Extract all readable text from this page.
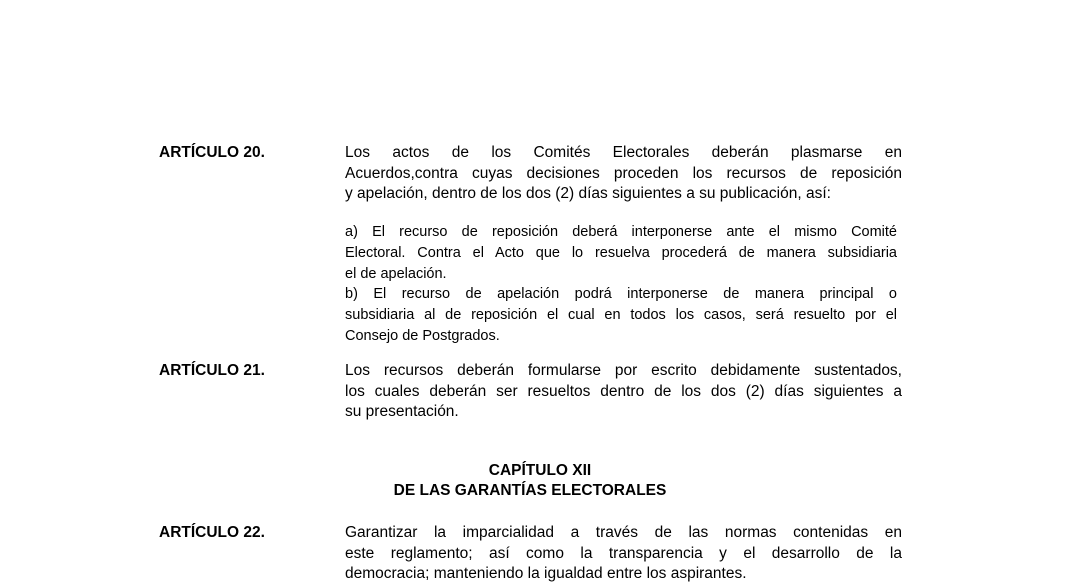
ARTÍCULO 20.	Los actos de los Comités Electorales deberán plasmarse en
Acuerdos,contra cuyas decisiones proceden los recursos de reposición
y apelación, dentro de los dos (2) días siguientes a su publicación, así:
a) El recurso de reposición deberá interponerse ante el mismo Comité
Electoral. Contra el Acto que lo resuelva procederá de manera subsidiaria
el de apelación.
b) El recurso de apelación podrá interponerse de manera principal o
subsidiaria al de reposición el cual en todos los casos, será resuelto por el
Consejo de Postgrados.
ARTÍCULO 21.	Los recursos deberán formularse por escrito debidamente sustentados,
los cuales deberán ser resueltos dentro de los dos (2) días siguientes a
su presentación.
CAPÍTULO XII
DE LAS GARANTÍAS ELECTORALES
ARTÍCULO 22.	Garantizar la imparcialidad a través de las normas contenidas en
este reglamento; así como la transparencia y el desarrollo de la
democracia; manteniendo la igualdad entre los aspirantes.
